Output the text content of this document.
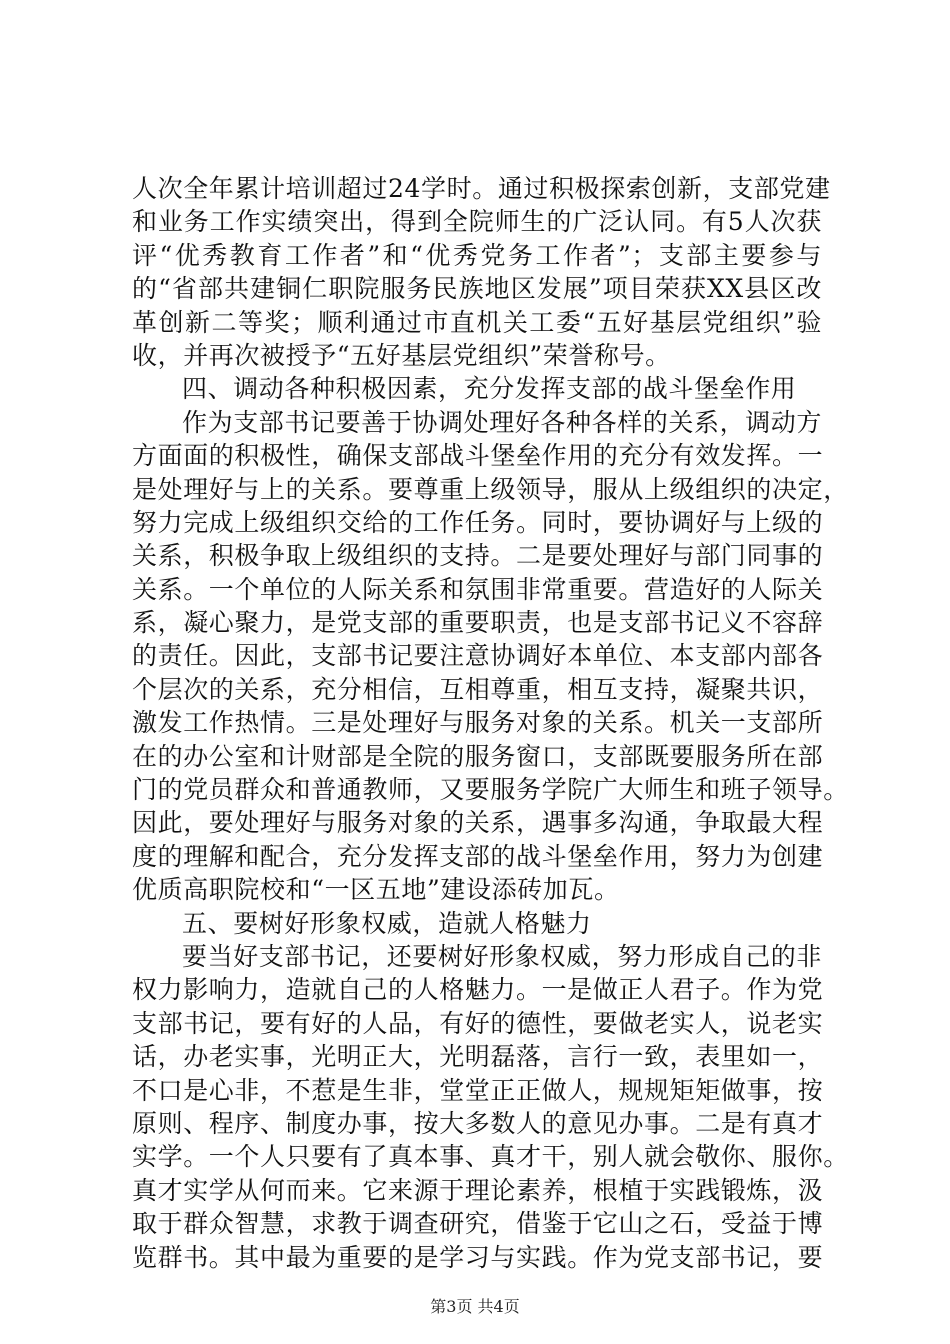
人次全年累计培训超过24学时。通过积极探索创新，支部党建
和业务工作实绩突出，得到全院师生的广泛认同。有5人次获
评“优秀教育工作者”和“优秀党务工作者”；支部主要参与
的“省部共建铜仁职院服务民族地区发展”项目荣获XX县区改
革创新二等奖；顺利通过市直机关工委“五好基层党组织”验
收，并再次被授予“五好基层党组织”荣誉称号。
四、调动各种积极因素，充分发挥支部的战斗堡垒作用
作为支部书记要善于协调处理好各种各样的关系，调动方
方面面的积极性，确保支部战斗堡垒作用的充分有效发挥。一
是处理好与上的关系。要尊重上级领导，服从上级组织的决定，
努力完成上级组织交给的工作任务。同时，要协调好与上级的
关系，积极争取上级组织的支持。二是要处理好与部门同事的
关系。一个单位的人际关系和氛围非常重要。营造好的人际关
系，凝心聚力，是党支部的重要职责，也是支部书记义不容辞
的责任。因此，支部书记要注意协调好本单位、本支部内部各
个层次的关系，充分相信，互相尊重，相互支持，凝聚共识，
激发工作热情。三是处理好与服务对象的关系。机关一支部所
在的办公室和计财部是全院的服务窗口，支部既要服务所在部
门的党员群众和普通教师，又要服务学院广大师生和班子领导。
因此，要处理好与服务对象的关系，遇事多沟通，争取最大程
度的理解和配合，充分发挥支部的战斗堡垒作用，努力为创建
优质高职院校和“一区五地”建设添砖加瓦。
五、要树好形象权威，造就人格魅力
要当好支部书记，还要树好形象权威，努力形成自己的非
权力影响力，造就自己的人格魅力。一是做正人君子。作为党
支部书记，要有好的人品，有好的德性，要做老实人，说老实
话，办老实事，光明正大，光明磊落，言行一致，表里如一，
不口是心非，不惹是生非，堂堂正正做人，规规矩矩做事，按
原则、程序、制度办事，按大多数人的意见办事。二是有真才
实学。一个人只要有了真本事、真才干，别人就会敬你、服你。
真才实学从何而来。它来源于理论素养，根植于实践锻炼，汲
取于群众智慧，求教于调查研究，借鉴于它山之石，受益于博
览群书。其中最为重要的是学习与实践。作为党支部书记，要
第3页 共4页
